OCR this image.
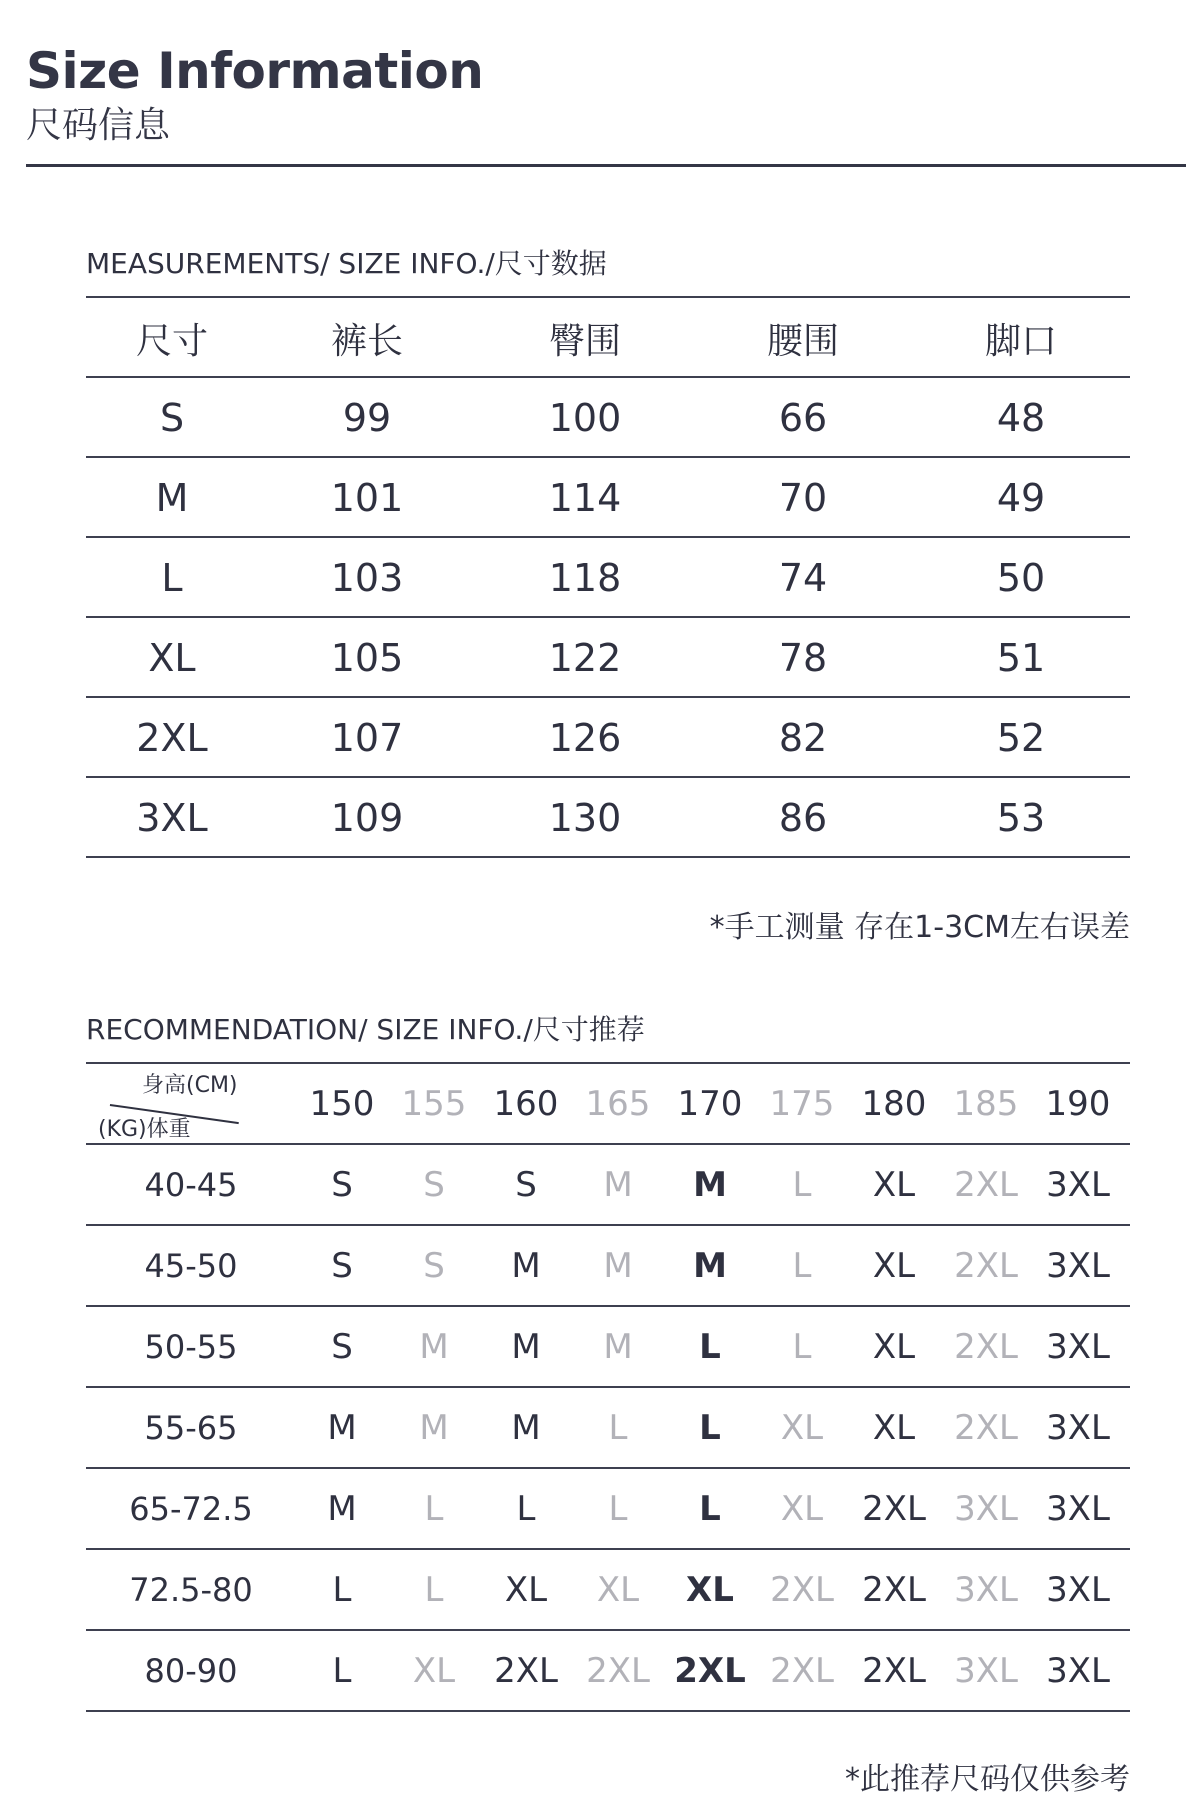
Size Information
尺码信息
MEASUREMENTS/ SIZE INFO./尺寸数据
尺寸	裤长	臀围	腰围	脚口
S	99	100	66	48
M	101	114	70	49
L	103	118	74	50
XL	105	122	78	51
2XL	107	126	82	52
3XL	109	130	86	53
*手工测量 存在1-3CM左右误差
RECOMMENDATION/ SIZE INFO./尺寸推荐
身高(CM)
(KG)体重
150 155 160 165 170 175 180 185 190
40-45	S	S	S	M	M	L	XL	2XL 3XL
45-50	S	S	M	M	M	L	XL	2XL 3XL
50-55	S	M	M	M	L	L	XL	2XL 3XL
55-65	M	M	M	L	L	XL	XL	2XL 3XL
65-72.5	M	L	L	L	L	XL	2XL 3XL 3XL
72.5-80	L	L	XL	XL	XL	2XL 2XL 3XL 3XL
80-90	L	XL	2XL 2XL 2XL 2XL 2XL 3XL 3XL
*此推荐尺码仅供参考
